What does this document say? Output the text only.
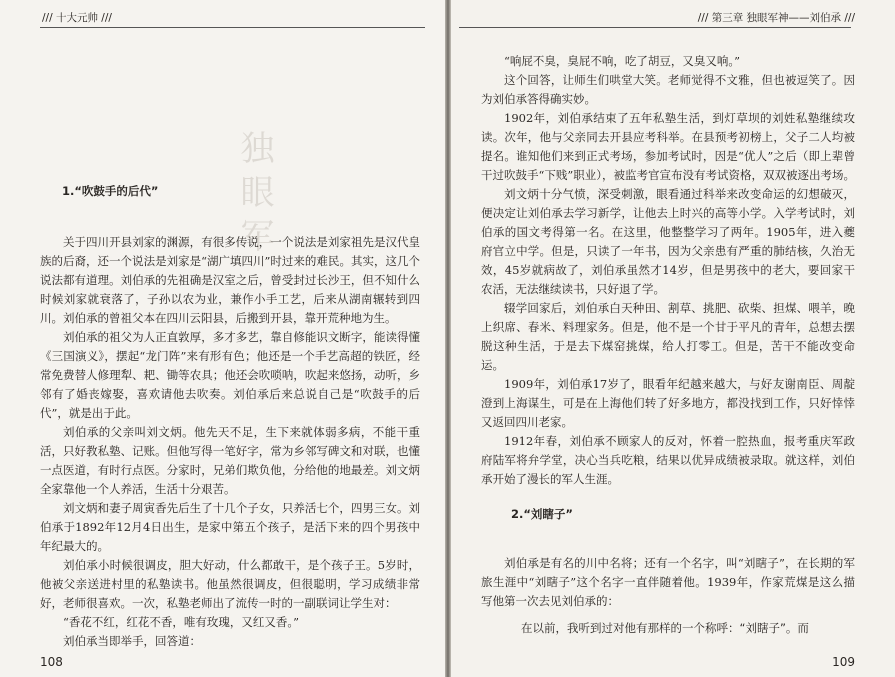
/// 十大元帅 ///
独眼军
1.“吹鼓手的后代”

关于四川开县刘家的渊源，有很多传说，一个说法是刘家祖先是汉代皇族的后裔，还一个说法是刘家是“湖广填四川”时过来的难民。其实，这几个说法都有道理。刘伯承的先祖确是汉室之后，曾受封过长沙王，但不知什么时候刘家就衰落了，子孙以农为业，兼作小手工艺，后来从湖南辗转到四川。刘伯承的曾祖父本在四川云阳县，后搬到开县，靠开荒种地为生。

刘伯承的祖父为人正直敦厚，多才多艺，靠自修能识文断字，能读得懂《三国演义》，摆起“龙门阵”来有形有色；他还是一个手艺高超的铁匠，经常免费替人修理犁、耙、锄等农具；他还会吹唢呐，吹起来悠扬，动听，乡邻有了婚丧嫁娶，喜欢请他去吹奏。刘伯承后来总说自己是“吹鼓手的后代”，就是出于此。

刘伯承的父亲叫刘文炳。他先天不足，生下来就体弱多病，不能干重活，只好教私塾、记账。但他写得一笔好字，常为乡邻写碑文和对联，也懂一点医道，有时行点医。分家时，兄弟们欺负他，分给他的地最差。刘文炳全家靠他一个人养活，生活十分艰苦。

刘文炳和妻子周寅香先后生了十几个子女，只养活七个，四男三女。刘伯承于1892年12月4日出生，是家中第五个孩子，是活下来的四个男孩中年纪最大的。

刘伯承小时候很调皮，胆大好动，什么都敢干，是个孩子王。5岁时，他被父亲送进村里的私塾读书。他虽然很调皮，但很聪明，学习成绩非常好，老师很喜欢。一次，私塾老师出了流传一时的一副联词让学生对：

“香花不红，红花不香，唯有玫瑰，又红又香。”

刘伯承当即举手，回答道：

108
/// 第三章 独眼军神——刘伯承 ///

“响屁不臭，臭屁不响，吃了胡豆，又臭又响。”

这个回答，让师生们哄堂大笑。老师觉得不文雅，但也被逗笑了。因为刘伯承答得确实妙。

1902年，刘伯承结束了五年私塾生活，到灯草坝的刘姓私塾继续攻读。次年，他与父亲同去开县应考科举。在县预考初榜上，父子二人均被提名。谁知他们来到正式考场，参加考试时，因是“优人”之后（即上辈曾干过吹鼓手“下贱”职业），被监考官宣布没有考试资格，双双被逐出考场。

刘文炳十分气愤，深受刺激，眼看通过科举来改变命运的幻想破灭，便决定让刘伯承去学习新学，让他去上时兴的高等小学。入学考试时，刘伯承的国文考得第一名。在这里，他整整学习了两年。1905年，进入夔府官立中学。但是，只读了一年书，因为父亲患有严重的肺结核，久治无效，45岁就病故了，刘伯承虽然才14岁，但是男孩中的老大，要回家干农活，无法继续读书，只好退了学。

辍学回家后，刘伯承白天种田、割草、挑肥、砍柴、担煤、喂羊，晚上织席、春米、料理家务。但是，他不是一个甘于平凡的青年，总想去摆脱这种生活，于是去下煤窑挑煤，给人打零工。但是，苦干不能改变命运。

1909年，刘伯承17岁了，眼看年纪越来越大，与好友谢南臣、周靛澄到上海谋生，可是在上海他们转了好多地方，都没找到工作，只好悻悻又返回四川老家。

1912年春，刘伯承不顾家人的反对，怀着一腔热血，报考重庆军政府陆军将弁学堂，决心当兵吃粮，结果以优异成绩被录取。就这样，刘伯承开始了漫长的军人生涯。

2.“刘瞎子”

刘伯承是有名的川中名将；还有一个名字，叫“刘瞎子”，在长期的军旅生涯中“刘瞎子”这个名字一直伴随着他。1939年，作家荒煤是这么描写他第一次去见刘伯承的：

在以前，我听到过对他有那样的一个称呼：“刘瞎子”。而
109
